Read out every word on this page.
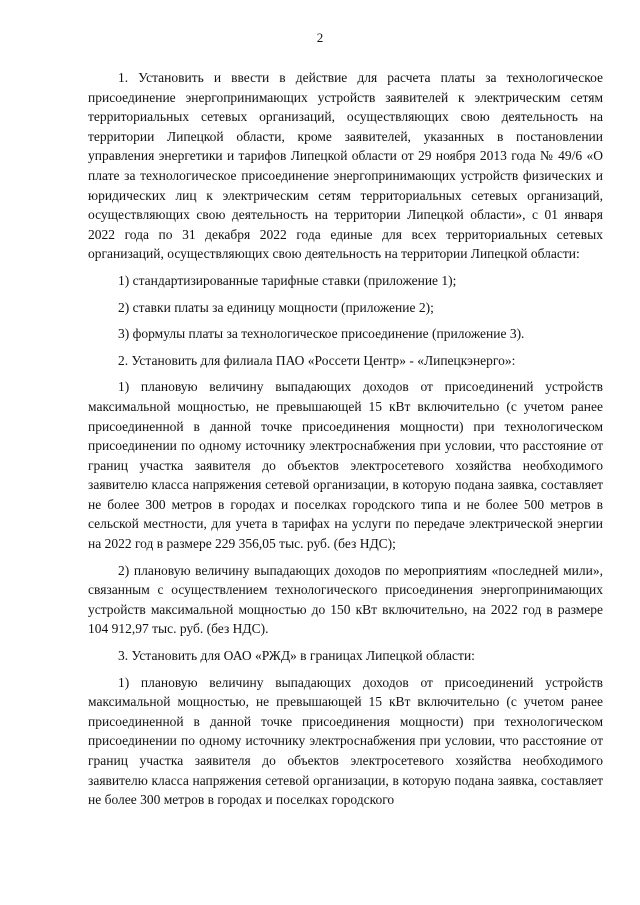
2

1. Установить и ввести в действие для расчета платы за технологическое присоединение энергопринимающих устройств заявителей к электрическим сетям территориальных сетевых организаций, осуществляющих свою деятельность на территории Липецкой области, кроме заявителей, указанных в постановлении управления энергетики и тарифов Липецкой области от 29 ноября 2013 года № 49/6 «О плате за технологическое присоединение энергопринимающих устройств физических и юридических лиц к электрическим сетям территориальных сетевых организаций, осуществляющих свою деятельность на территории Липецкой области», с 01 января 2022 года по 31 декабря 2022 года единые для всех территориальных сетевых организаций, осуществляющих свою деятельность на территории Липецкой области:

1) стандартизированные тарифные ставки (приложение 1);

2) ставки платы за единицу мощности (приложение 2);

3) формулы платы за технологическое присоединение (приложение 3).

2. Установить для филиала ПАО «Россети Центр» - «Липецкэнерго»:

1) плановую величину выпадающих доходов от присоединений устройств максимальной мощностью, не превышающей 15 кВт включительно (с учетом ранее присоединенной в данной точке присоединения мощности) при технологическом присоединении по одному источнику электроснабжения при условии, что расстояние от границ участка заявителя до объектов электросетевого хозяйства необходимого заявителю класса напряжения сетевой организации, в которую подана заявка, составляет не более 300 метров в городах и поселках городского типа и не более 500 метров в сельской местности, для учета в тарифах на услуги по передаче электрической энергии на 2022 год в размере 229 356,05 тыс. руб. (без НДС);

2) плановую величину выпадающих доходов по мероприятиям «последней мили», связанным с осуществлением технологического присоединения энергопринимающих устройств максимальной мощностью до 150 кВт включительно, на 2022 год в размере 104 912,97 тыс. руб. (без НДС).

3. Установить для ОАО «РЖД» в границах Липецкой области:

1) плановую величину выпадающих доходов от присоединений устройств максимальной мощностью, не превышающей 15 кВт включительно (с учетом ранее присоединенной в данной точке присоединения мощности) при технологическом присоединении по одному источнику электроснабжения при условии, что расстояние от границ участка заявителя до объектов электросетевого хозяйства необходимого заявителю класса напряжения сетевой организации, в которую подана заявка, составляет не более 300 метров в городах и поселках городского
